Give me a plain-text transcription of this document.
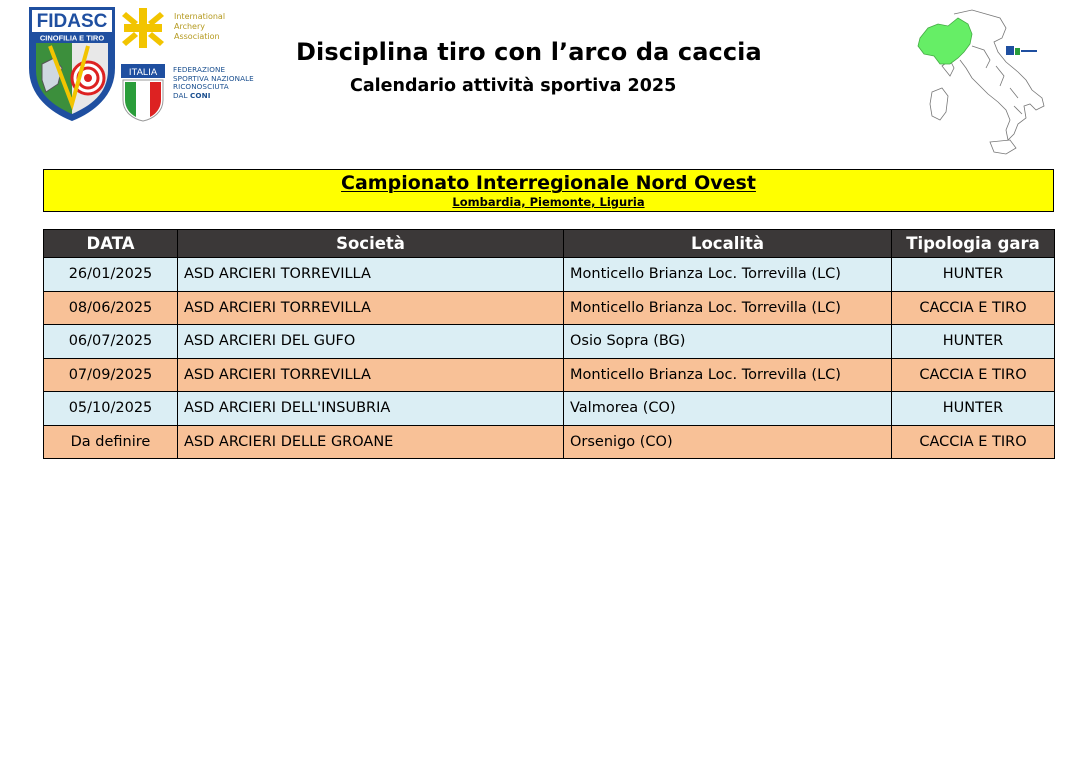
FIDASC
CINOFILIA E TIRO
International
Archery
Association
ITALIA FEDERAZIONE
SPORTIVA NAZIONALE
RICONOSCIUTA
DAL CONI
Disciplina tiro con l’arco da caccia
Calendario attività sportiva 2025
Campionato Interregionale Nord Ovest
Lombardia, Piemonte, Liguria
DATA	Società	Località	Tipologia gara
26/01/2025	ASD ARCIERI TORREVILLA	Monticello Brianza Loc. Torrevilla (LC)	HUNTER
08/06/2025	ASD ARCIERI TORREVILLA	Monticello Brianza Loc. Torrevilla (LC)	CACCIA E TIRO
06/07/2025	ASD ARCIERI DEL GUFO	Osio Sopra (BG)	HUNTER
07/09/2025	ASD ARCIERI TORREVILLA	Monticello Brianza Loc. Torrevilla (LC)	CACCIA E TIRO
05/10/2025	ASD ARCIERI DELL'INSUBRIA	Valmorea (CO)	HUNTER
Da definire	ASD ARCIERI DELLE GROANE	Orsenigo (CO)	CACCIA E TIRO
